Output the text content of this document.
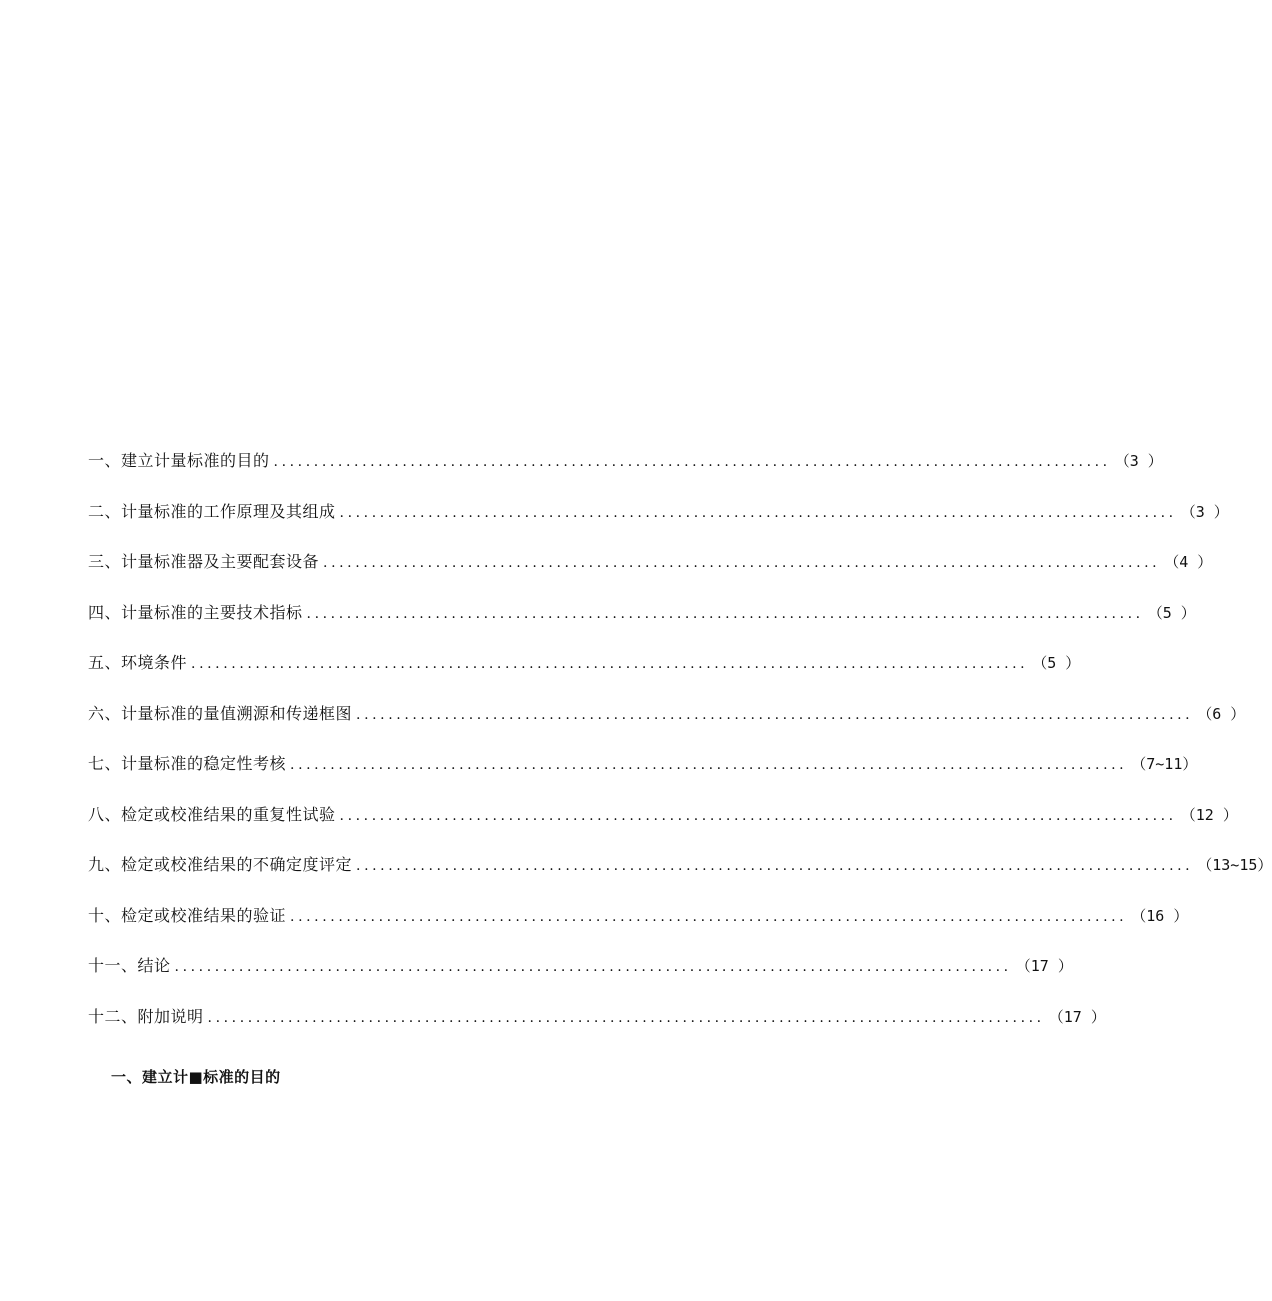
一、建立计量标准的目的 ........................................................................................................ （3 ）
二、计量标准的工作原理及其组成 ........................................................................................................ （3 ）
三、计量标准器及主要配套设备 ........................................................................................................ （4 ）
四、计量标准的主要技术指标 ........................................................................................................ （5 ）
五、环境条件 ........................................................................................................ （5 ）
六、计量标准的量值溯源和传递框图 ........................................................................................................ （6 ）
七、计量标准的稳定性考核 ........................................................................................................ （7~11）
八、检定或校准结果的重复性试验 ........................................................................................................ （12 ）
九、检定或校准结果的不确定度评定 ........................................................................................................ （13~15）
十、检定或校准结果的验证 ........................................................................................................ （16 ）
十一、结论 ........................................................................................................ （17 ）
十二、附加说明 ........................................................................................................ （17 ）
一、建立计■标准的目的
